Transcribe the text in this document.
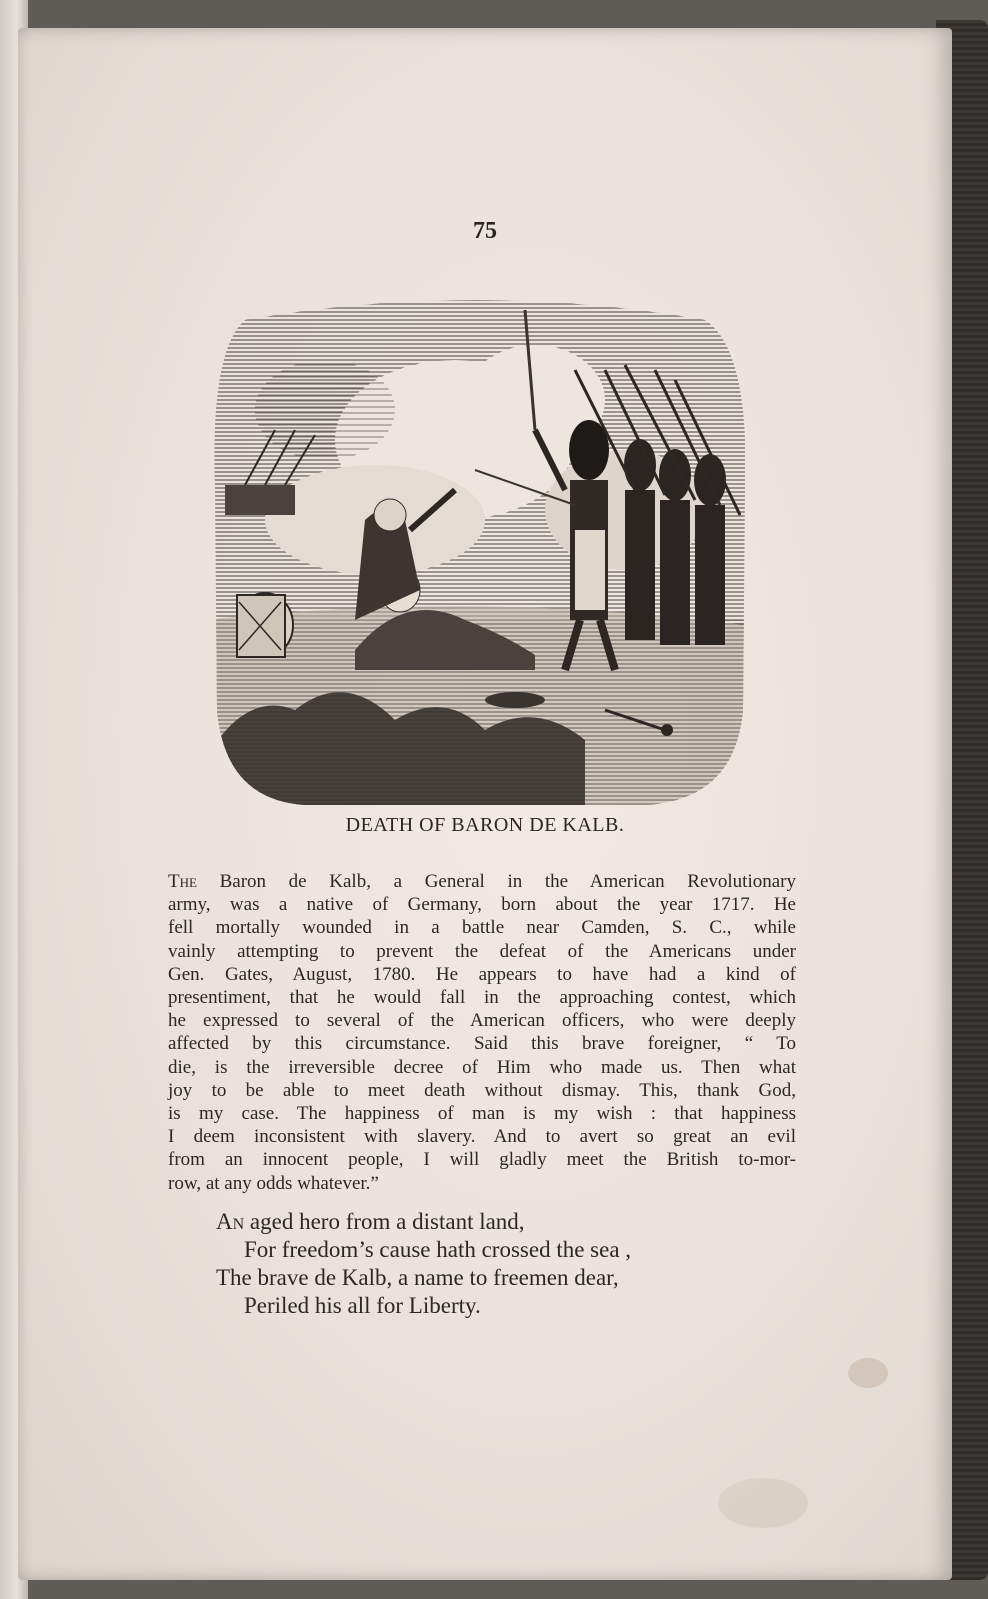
75
DEATH OF BARON DE KALB.
The Baron de Kalb, a General in the American Revolutionary
army, was a native of Germany, born about the year 1717. He
fell mortally wounded in a battle near Camden, S. C., while
vainly attempting to prevent the defeat of the Americans under
Gen. Gates, August, 1780. He appears to have had a kind of
presentiment, that he would fall in the approaching contest, which
he expressed to several of the American officers, who were deeply
affected by this circumstance. Said this brave foreigner, “ To
die, is the irreversible decree of Him who made us. Then what
joy to be able to meet death without dismay. This, thank God,
is my case. The happiness of man is my wish : that happiness
I deem inconsistent with slavery. And to avert so great an evil
from an innocent people, I will gladly meet the British to-mor-
row, at any odds whatever.”
An aged hero from a distant land,
For freedom’s cause hath crossed the sea ,
The brave de Kalb, a name to freemen dear,
Periled his all for Liberty.
